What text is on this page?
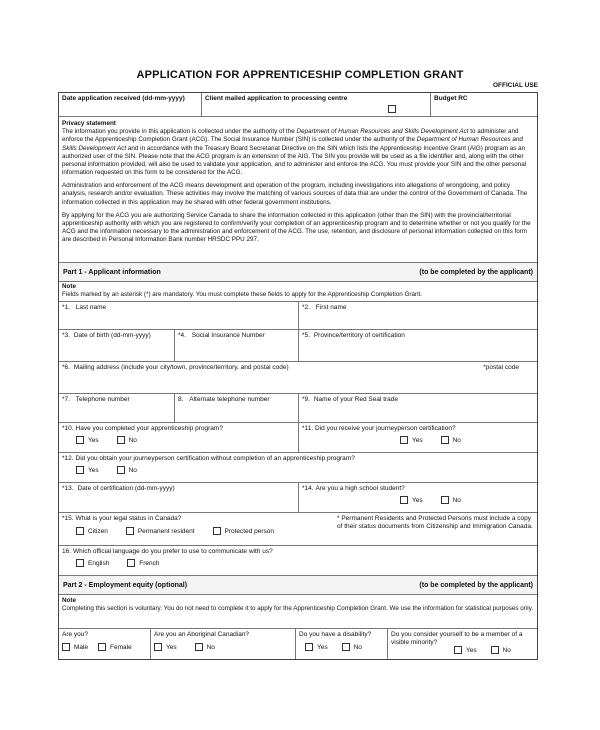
APPLICATION FOR APPRENTICESHIP COMPLETION GRANT
OFFICIAL USE
Date application received (dd-mm-yyyy)	Client mailed application to processing centre	Budget RC

Privacy statement

The information you provide in this application is collected under the authority of the Department of Human Resources and Skills Development Act to administer and enforce the Apprenticeship Completion Grant (ACG). The Social Insurance Number (SIN) is collected under the authority of the Department of Human Resources and Skills Development Act and in accordance with the Treasury Board Secretariat Directive on the SIN which lists the Apprenticeship Incentive Grant (AIG) program as an authorized user of the SIN. Please note that the ACG program is an extension of the AIG. The SIN you provide will be used as a file identifier and, along with the other personal information provided, will also be used to validate your application, and to administer and enforce the ACG. You must provide your SIN and the other personal information requested on this form to be considered for the ACG.

Administration and enforcement of the ACG means development and operation of the program, including investigations into allegations of wrongdoing, and policy analysis, research and/or evaluation. These activities may involve the matching of various sources of data that are under the control of the Government of Canada. The information collected in this application may be shared with other federal government institutions.

By applying for the ACG you are authorizing Service Canada to share the information collected in this application (other than the SIN) with the provincial/territorial apprenticeship authority with which you are registered to confirm/verify your completion of an apprenticeship program and to determine whether or not you qualify for the ACG and the information necessary to the administration and enforcement of the ACG. The use, retention, and disclosure of personal information collected on this form are described in Personal Information Bank number HRSDC PPU 297.

Part 1 - Applicant information	(to be completed by the applicant)

Note

Fields marked by an asterisk (*) are mandatory. You must complete these fields to apply for the Apprenticeship Completion Grant.

*1. Last name	*2. First name
*3. Date of birth (dd-mm-yyyy)	*4. Social Insurance Number	*5. Province/territory of certification
*6. Mailing address (include your city/town, province/territory, and postal code)	*postal code
*7. Telephone number	8. Alternate telephone number	*9. Name of your Red Seal trade
*10. Have you completed your apprenticeship program?
Yes
	No
*11. Did you receive your journeyperson certification?
Yes
	No
*12. Did you obtain your journeyperson certification without completion of an apprenticeship program?
Yes
	No
*13. Date of certification (dd-mm-yyyy)	*14. Are you a high school student?
Yes
	No
*15. What is your legal status in Canada?
Citizen
	Permanent resident
	Protected person
* Permanent Residents and Protected Persons must include a copy of their status documents from Citizenship and Immigration Canada.
16. Which official language do you prefer to use to communicate with us?
English
	French
Part 2 - Employment equity (optional)	(to be completed by the applicant)

Note

Completing this section is voluntary. You do not need to complete it to apply for the Apprenticeship Completion Grant. We use the information for statistical purposes only.

Are you?
Male
	Female
Are you an Aboriginal Canadian?
Yes
	No
Do you have a disability?
Yes
	No
Do you consider yourself to be a member of a visible minority?
Yes
	No
